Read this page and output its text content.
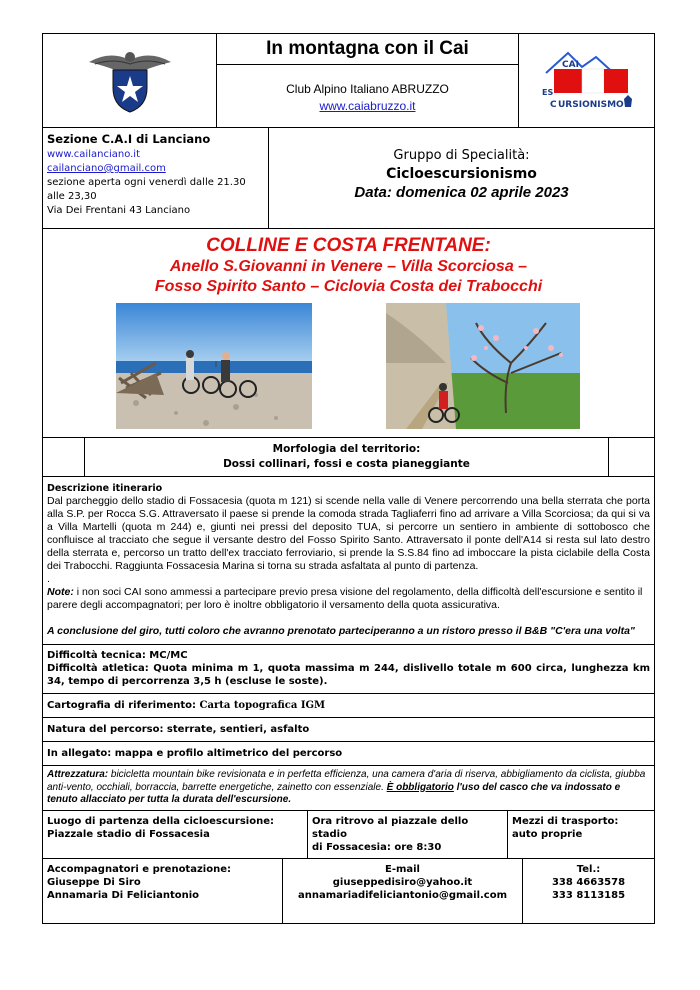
In montagna con il Cai
Club Alpino Italiano ABRUZZO
www.caiabruzzo.it
CAI
ES
C URSIONISMO
Sezione C.A.I di Lanciano
www.cailanciano.it
cailanciano@gmail.com
sezione aperta ogni venerdì dalle 21.30 alle 23,30
Via Dei Frentani 43 Lanciano
Gruppo di Specialità:
Cicloescursionismo
Data: domenica 02 aprile 2023
COLLINE E COSTA FRENTANE:
Anello S.Giovanni in Venere – Villa Scorciosa –
Fosso Spirito Santo – Ciclovia Costa dei Trabocchi
Morfologia del territorio:
Dossi collinari, fossi e costa pianeggiante
Descrizione itinerario
Dal parcheggio dello stadio di Fossacesia (quota m 121) si scende nella valle di Venere percorrendo una bella sterrata che porta alla S.P. per Rocca S.G. Attraversato il paese si prende la comoda strada Tagliaferri fino ad arrivare a Villa Scorciosa; da qui si va a Villa Martelli (quota m 244) e, giunti nei pressi del deposito TUA, si percorre un sentiero in ambiente di sottobosco che confluisce al tracciato che segue il versante destro del Fosso Spirito Santo. Attraversato il ponte dell'A14 si resta sul lato destro della sterrata e, percorso un tratto dell'ex tracciato ferroviario, si prende la S.S.84 fino ad imboccare la pista ciclabile della Costa dei Trabocchi. Raggiunta Fossacesia Marina si torna su strada asfaltata al punto di partenza.
.
Note: i non soci CAI sono ammessi a partecipare previo presa visione del regolamento, della difficoltà dell'escursione e sentito il parere degli accompagnatori; per loro è inoltre obbligatorio il versamento della quota assicurativa.
A conclusione del giro, tutti coloro che avranno prenotato parteciperanno a un ristoro presso il B&B "C'era una volta"
Difficoltà tecnica: MC/MC
Difficoltà atletica: Quota minima m 1, quota massima m 244, dislivello totale m 600 circa, lunghezza km 34, tempo di percorrenza 3,5 h (escluse le soste).
Cartografia di riferimento: Carta topografica IGM
Natura del percorso: sterrate, sentieri, asfalto
In allegato: mappa e profilo altimetrico del percorso
Attrezzatura: bicicletta mountain bike revisionata e in perfetta efficienza, una camera d'aria di riserva, abbigliamento da ciclista, giubba anti-vento, occhiali, borraccia, barrette energetiche, zainetto con essenziale. È obbligatorio l'uso del casco che va indossato e tenuto allacciato per tutta la durata dell'escursione.
Luogo di partenza della cicloescursione:
Piazzale stadio di Fossacesia
Ora ritrovo al piazzale dello stadio
di Fossacesia: ore 8:30
Mezzi di trasporto:
auto proprie
Accompagnatori e prenotazione:
Giuseppe Di Siro
Annamaria Di Feliciantonio
E-mail
giuseppedisiro@yahoo.it
annamariadifeliciantonio@gmail.com
Tel.:
338 4663578
333 8113185
